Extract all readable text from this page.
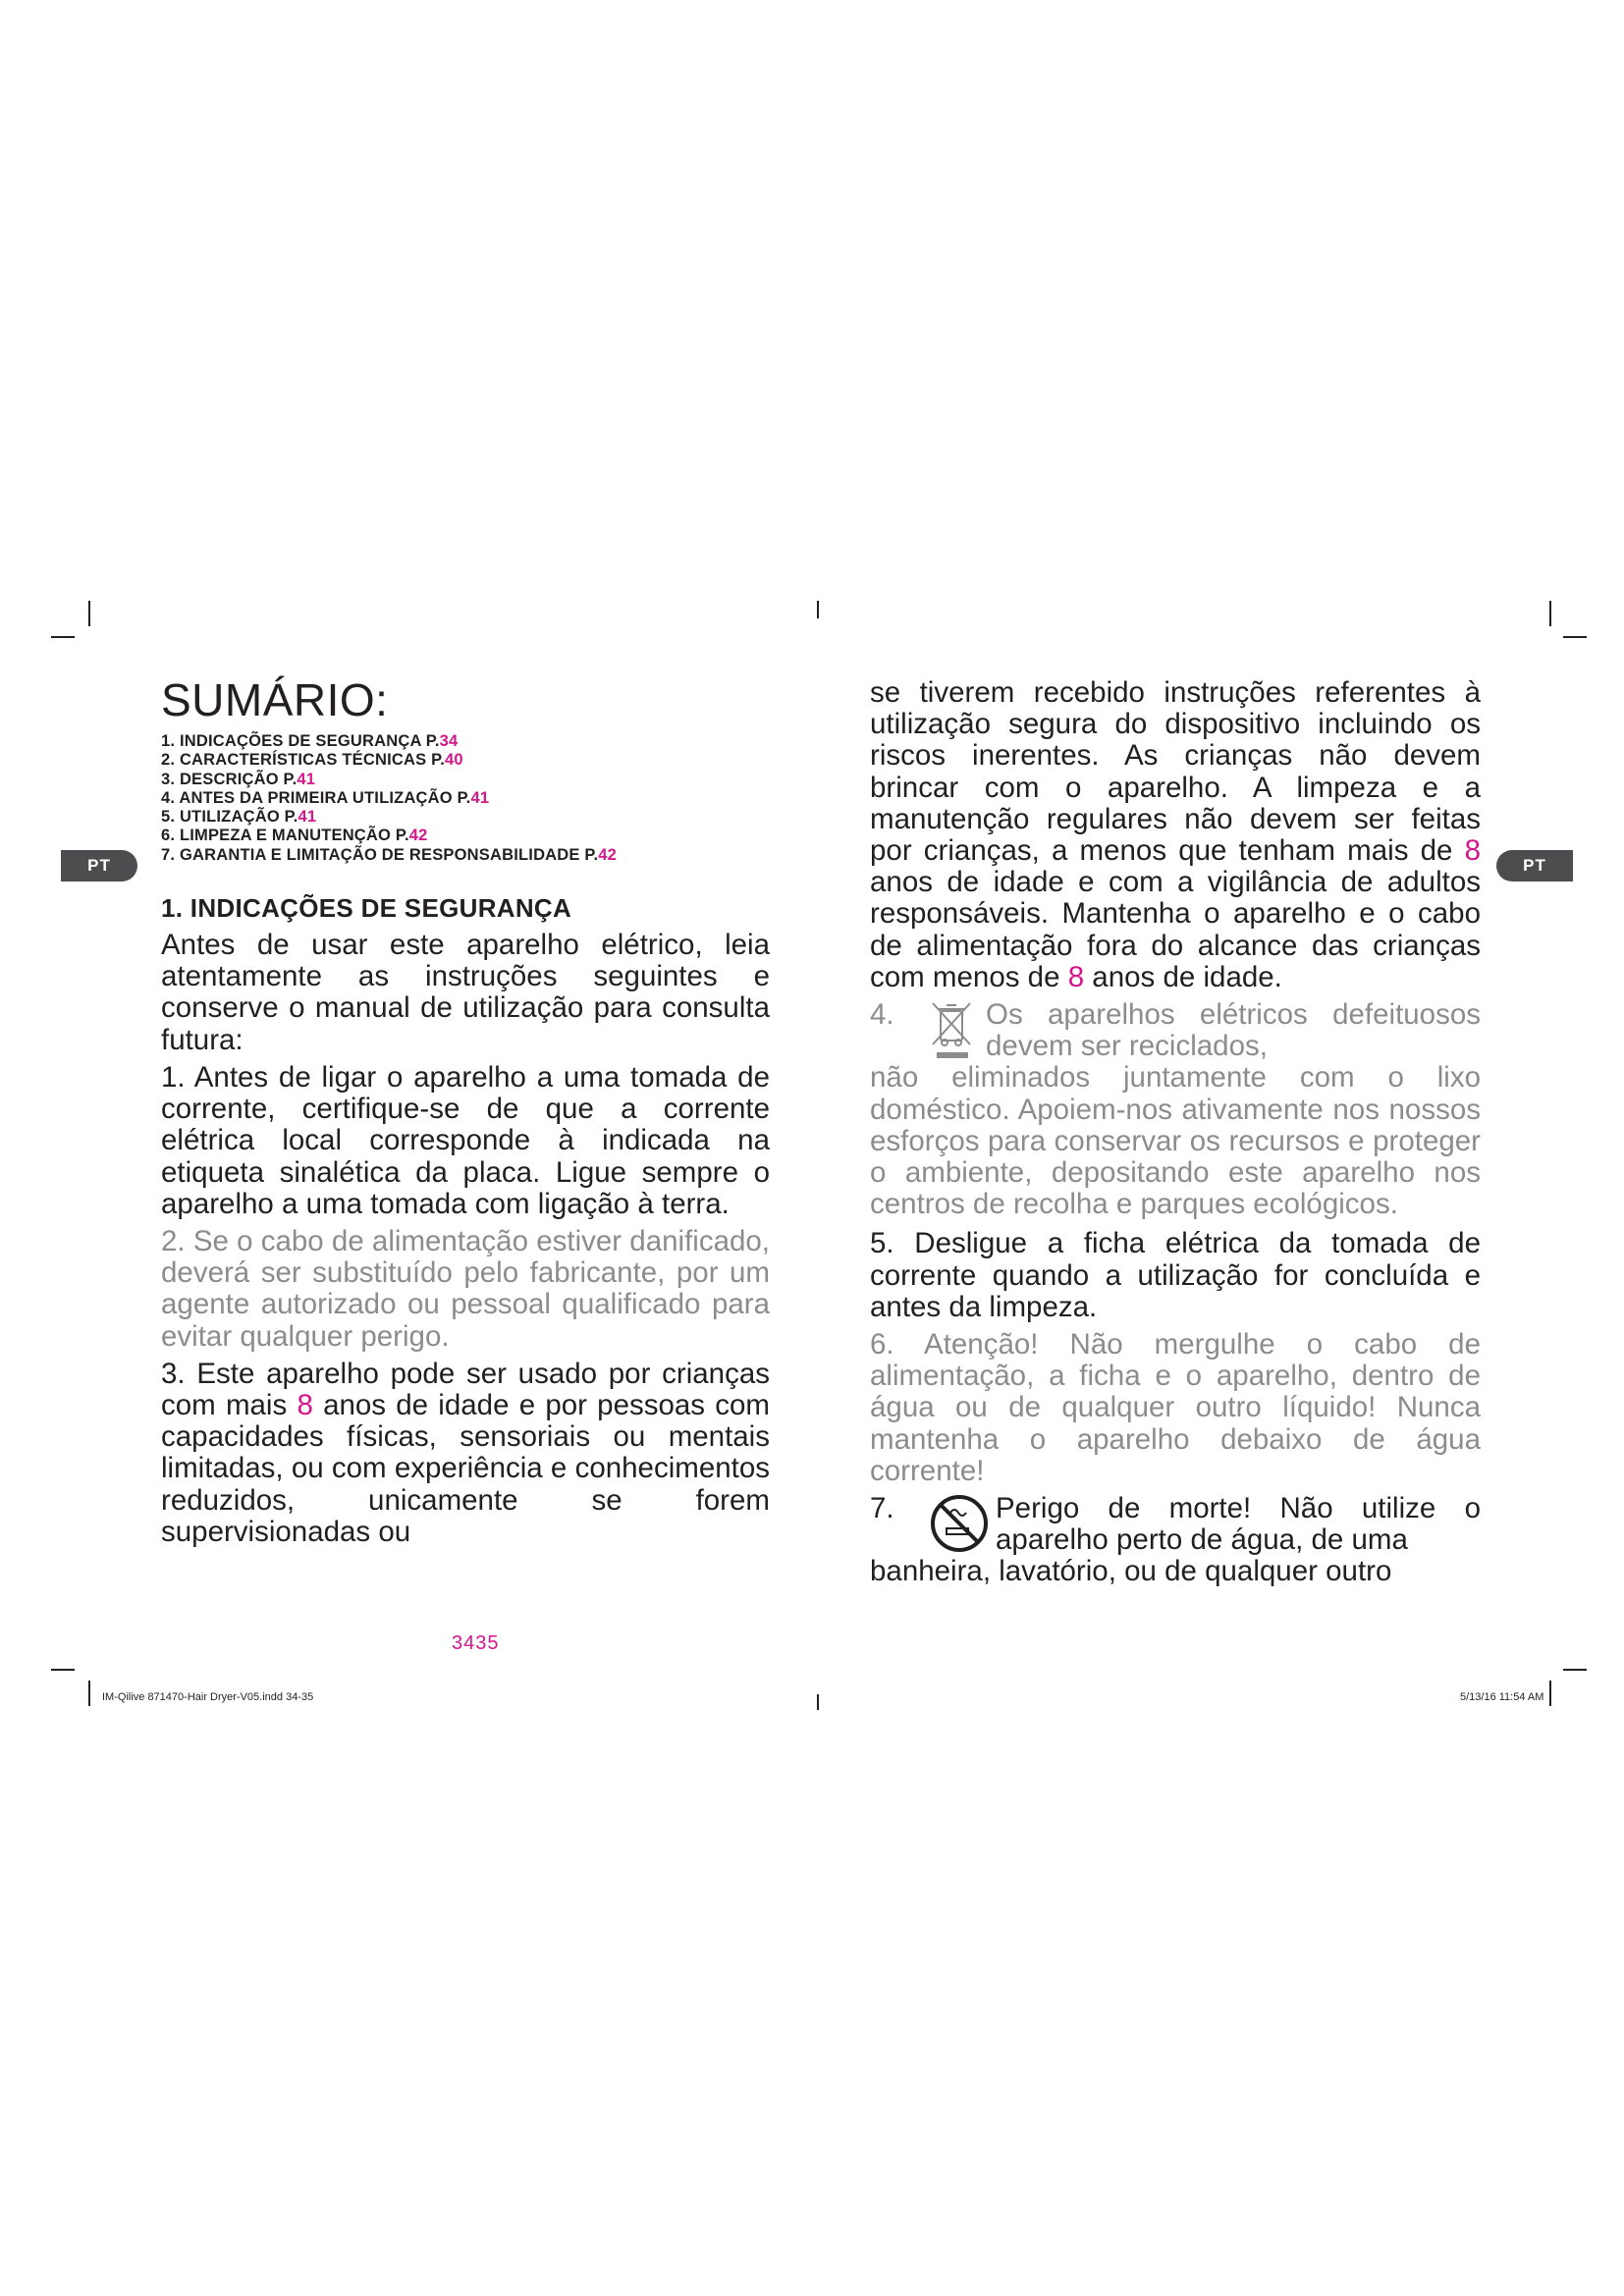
PT	PT
SUMÁRIO:
1. INDICAÇÕES DE SEGURANÇA P.34
2. CARACTERÍSTICAS TÉCNICAS P.40
3. DESCRIÇÃO P.41
4. ANTES DA PRIMEIRA UTILIZAÇÃO P.41
5. UTILIZAÇÃO P.41
6. LIMPEZA E MANUTENÇÃO P.42
7. GARANTIA E LIMITAÇÃO DE RESPONSABILIDADE P.42
1. INDICAÇÕES DE SEGURANÇA

Antes de usar este aparelho elétrico, leia atentamente as instruções seguintes e conserve o manual de utilização para consulta futura:

1. Antes de ligar o aparelho a uma tomada de corrente, certifique-se de que a corrente elétrica local corresponde à indicada na etiqueta sinalética da placa. Ligue sempre o aparelho a uma tomada com ligação à terra.

2. Se o cabo de alimentação estiver danificado, deverá ser substituído pelo fabricante, por um agente autorizado ou pessoal qualificado para evitar qualquer perigo.

3. Este aparelho pode ser usado por crianças com mais 8 anos de idade e por pessoas com capacidades físicas, sensoriais ou mentais limitadas, ou com experiência e conhecimentos reduzidos, unicamente se forem supervisionadas ou

3435
IM-Qilive 871470-Hair Dryer-V05.indd 34-35

se tiverem recebido instruções referentes à utilização segura do dispositivo incluindo os riscos inerentes. As crianças não devem brincar com o aparelho. A limpeza e a manutenção regulares não devem ser feitas por crianças, a menos que tenham mais de 8 anos de idade e com a vigilância de adultos responsáveis. Mantenha o aparelho e o cabo de alimentação fora do alcance das crianças com menos de 8 anos de idade.

4.	Os aparelhos elétricos defeituosos devem ser reciclados,
não eliminados juntamente com o lixo doméstico. Apoiem-nos ativamente nos nossos esforços para conservar os recursos e proteger o ambiente, depositando este aparelho nos centros de recolha e parques ecológicos.

5. Desligue a ficha elétrica da tomada de corrente quando a utilização for concluída e antes da limpeza.

6. Atenção! Não mergulhe o cabo de alimentação, a ficha e o aparelho, dentro de água ou de qualquer outro líquido! Nunca mantenha o aparelho debaixo de água corrente!

7.	Perigo de morte! Não utilize o aparelho perto de água, de uma
banheira, lavatório, ou de qualquer outro
5/13/16 11:54 AM
